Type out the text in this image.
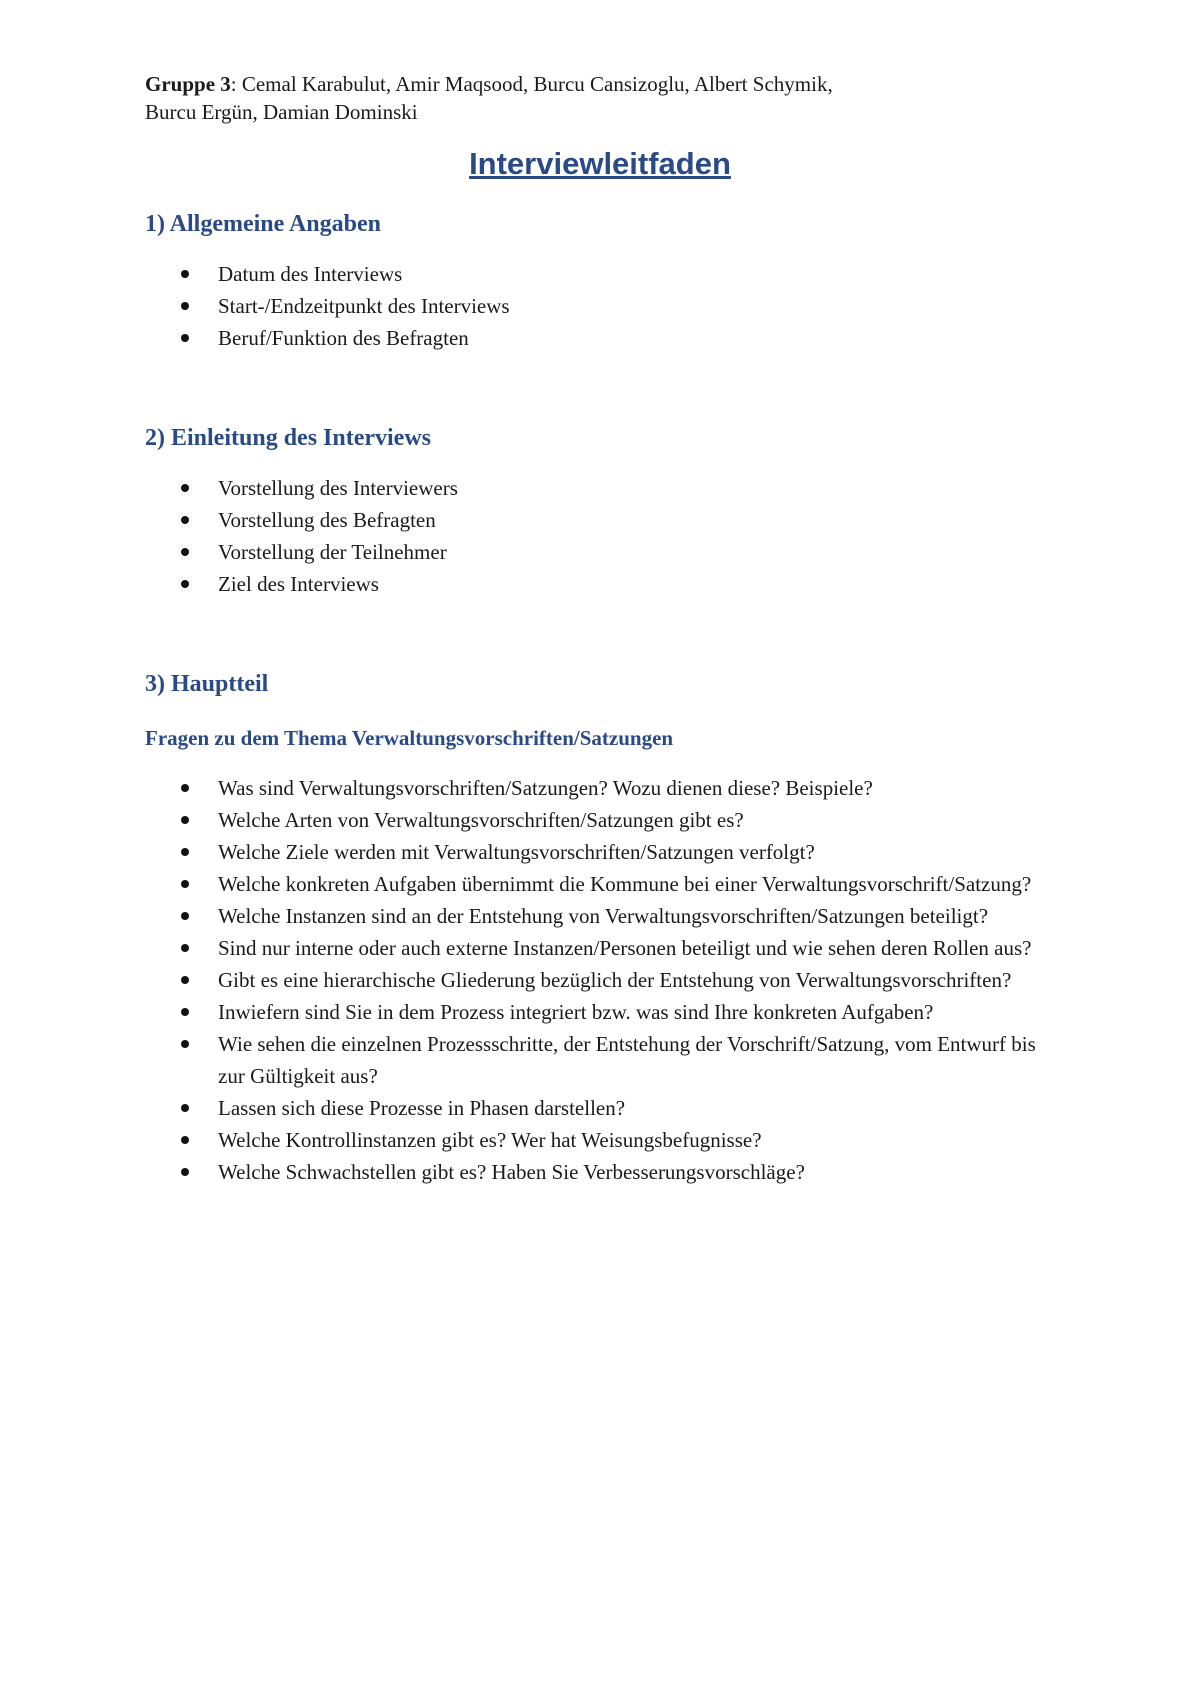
Gruppe 3: Cemal Karabulut, Amir Maqsood, Burcu Cansizoglu, Albert Schymik,
Burcu Ergün, Damian Dominski

Interviewleitfaden
1) Allgemeine Angaben
Datum des Interviews
Start-/Endzeitpunkt des Interviews
Beruf/Funktion des Befragten
2) Einleitung des Interviews
Vorstellung des Interviewers
Vorstellung des Befragten
Vorstellung der Teilnehmer
Ziel des Interviews
3) Hauptteil
Fragen zu dem Thema Verwaltungsvorschriften/Satzungen
Was sind Verwaltungsvorschriften/Satzungen? Wozu dienen diese? Beispiele?
Welche Arten von Verwaltungsvorschriften/Satzungen gibt es?
Welche Ziele werden mit Verwaltungsvorschriften/Satzungen verfolgt?
Welche konkreten Aufgaben übernimmt die Kommune bei einer Verwaltungsvorschrift/Satzung?
Welche Instanzen sind an der Entstehung von Verwaltungsvorschriften/Satzungen beteiligt?
Sind nur interne oder auch externe Instanzen/Personen beteiligt und wie sehen deren Rollen aus?
Gibt es eine hierarchische Gliederung bezüglich der Entstehung von Verwaltungsvorschriften?
Inwiefern sind Sie in dem Prozess integriert bzw. was sind Ihre konkreten Aufgaben?
Wie sehen die einzelnen Prozessschritte, der Entstehung der Vorschrift/Satzung, vom Entwurf bis zur Gültigkeit aus?
Lassen sich diese Prozesse in Phasen darstellen?
Welche Kontrollinstanzen gibt es? Wer hat Weisungsbefugnisse?
Welche Schwachstellen gibt es? Haben Sie Verbesserungsvorschläge?
